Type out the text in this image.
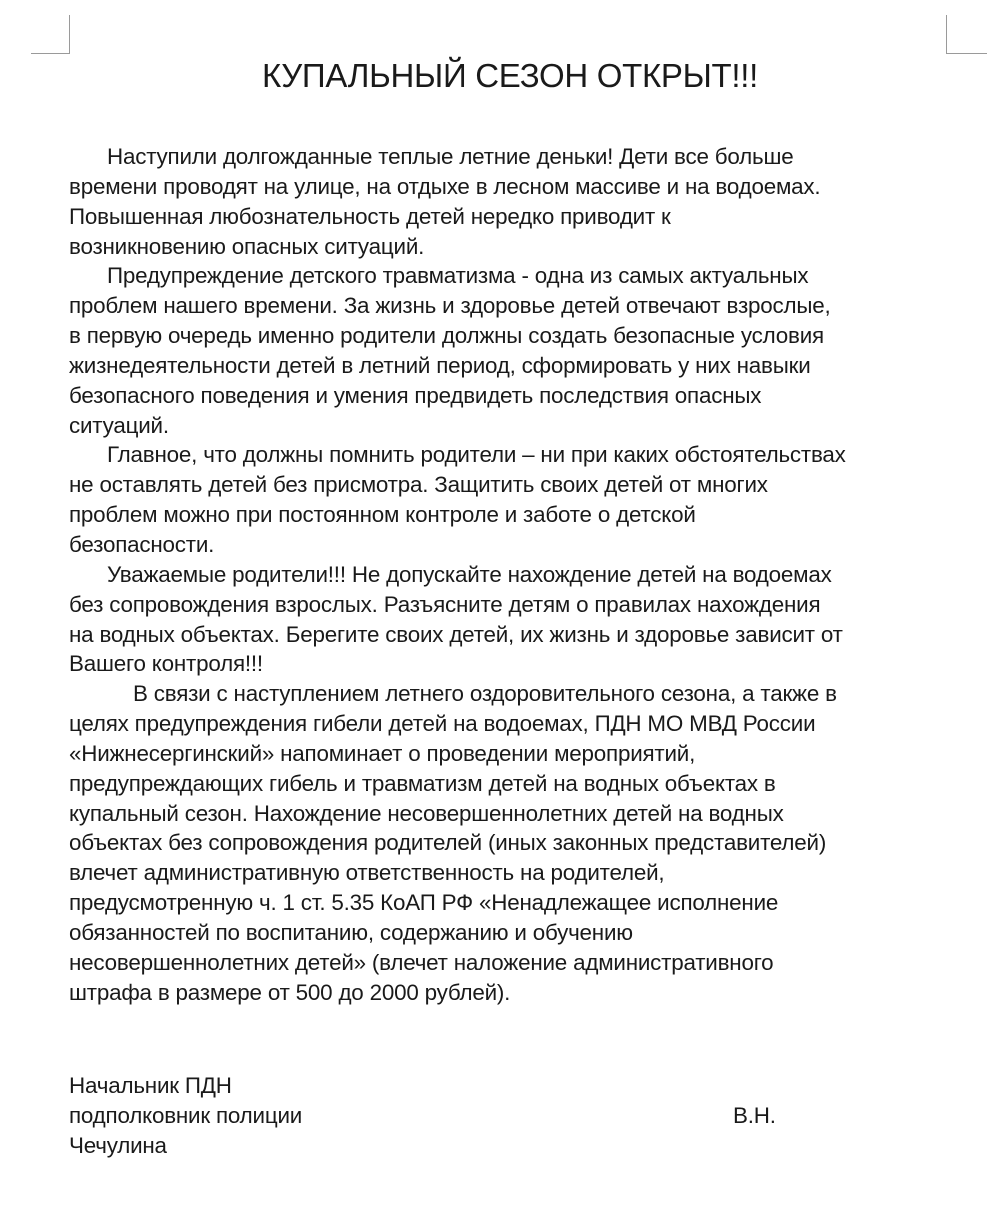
КУПАЛЬНЫЙ СЕЗОН ОТКРЫТ!!!

Наступили долгожданные теплые летние деньки! Дети все больше
времени проводят на улице, на отдыхе в лесном массиве и на водоемах.
Повышенная любознательность детей нередко приводит к
возникновению опасных ситуаций.

Предупреждение детского травматизма - одна из самых актуальных
проблем нашего времени. За жизнь и здоровье детей отвечают взрослые,
в первую очередь именно родители должны создать безопасные условия
жизнедеятельности детей в летний период, сформировать у них навыки
безопасного поведения и умения предвидеть последствия опасных
ситуаций.

Главное, что должны помнить родители – ни при каких обстоятельствах
не оставлять детей без присмотра. Защитить своих детей от многих
проблем можно при постоянном контроле и заботе о детской
безопасности.

Уважаемые родители!!! Не допускайте нахождение детей на водоемах
без сопровождения взрослых. Разъясните детям о правилах нахождения
на водных объектах. Берегите своих детей, их жизнь и здоровье зависит от
Вашего контроля!!!

В связи с наступлением летнего оздоровительного сезона, а также в
целях предупреждения гибели детей на водоемах, ПДН МО МВД России
«Нижнесергинский» напоминает о проведении мероприятий,
предупреждающих гибель и травматизм детей на водных объектах в
купальный сезон. Нахождение несовершеннолетних детей на водных
объектах без сопровождения родителей (иных законных представителей)
влечет административную ответственность на родителей,
предусмотренную ч. 1 ст. 5.35 КоАП РФ «Ненадлежащее исполнение
обязанностей по воспитанию, содержанию и обучению
несовершеннолетних детей» (влечет наложение административного
штрафа в размере от 500 до 2000 рублей).

Начальник ПДН
подполковник полиции	В.Н.
Чечулина
